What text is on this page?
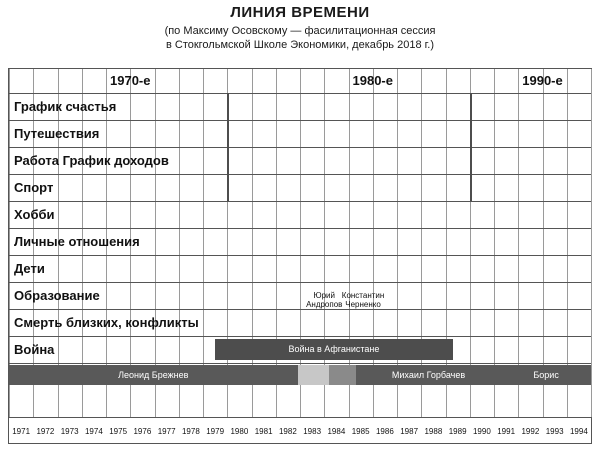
ЛИНИЯ ВРЕМЕНИ
(по Максиму Осовскому — фасилитационная сессия
в Стокгольмской Школе Экономики, декабрь 2018 г.)
1970-е	1980-е	1990-е
График счастья
Путешествия
Работа График доходов
Спорт
Хобби
Личные отношения
Дети
Образование
Смерть близких, конфликты
Война
Юрий
Андропов
Константин
Черненко
Война в Афганистане
Леонид Брежнев	Михаил Горбачев	Борис
1971 1972 1973 1974 1975 1976 1977 1978 1979 1980 1981 1982 1983 1984 1985 1986 1987 1988 1989 1990 1991 1992 1993 1994
